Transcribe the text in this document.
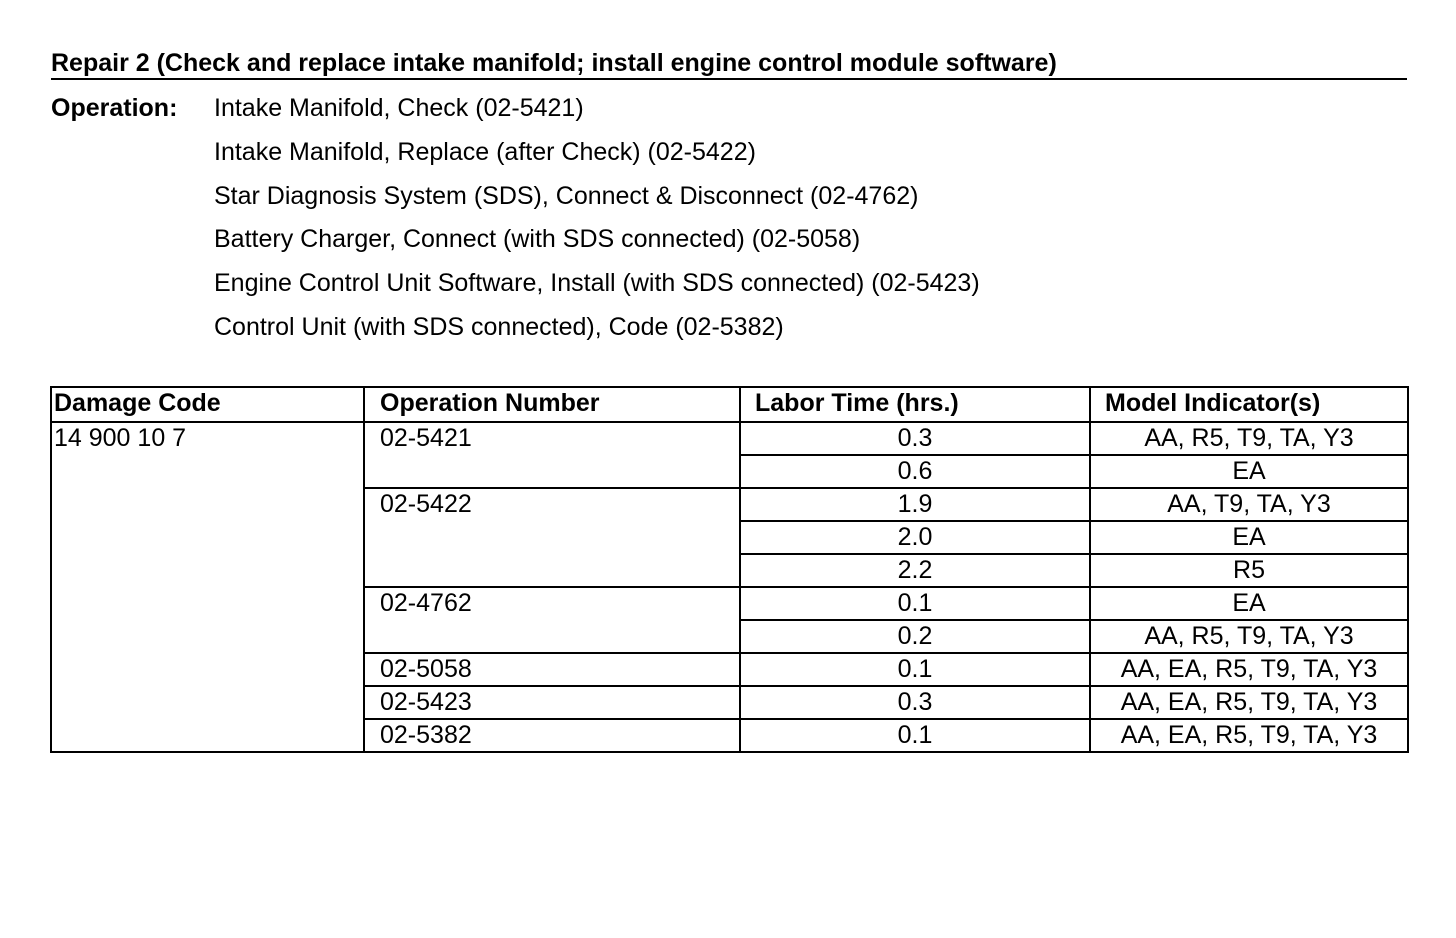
Repair 2 (Check and replace intake manifold; install engine control module software)
Operation: Intake Manifold, Check (02-5421)
Intake Manifold, Replace (after Check) (02-5422)
Star Diagnosis System (SDS), Connect & Disconnect (02-4762)
Battery Charger, Connect (with SDS connected) (02-5058)
Engine Control Unit Software, Install (with SDS connected) (02-5423)
Control Unit (with SDS connected), Code (02-5382)
Damage Code	Operation Number	Labor Time (hrs.)	Model Indicator(s)
14 900 10 7	02-5421	0.3	AA, R5, T9, TA, Y3
		0.6	EA
	02-5422	1.9	AA, T9, TA, Y3
		2.0	EA
		2.2	R5
	02-4762	0.1	EA
		0.2	AA, R5, T9, TA, Y3
	02-5058	0.1	AA, EA, R5, T9, TA, Y3
	02-5423	0.3	AA, EA, R5, T9, TA, Y3
	02-5382	0.1	AA, EA, R5, T9, TA, Y3
